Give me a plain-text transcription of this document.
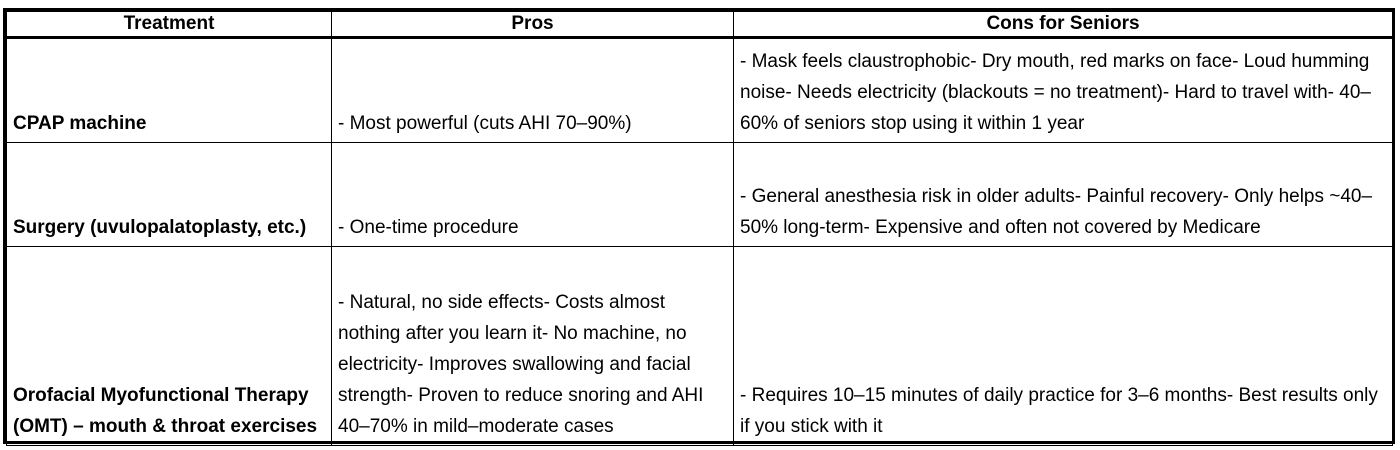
Treatment	Pros	Cons for Seniors
CPAP machine	- Most powerful (cuts AHI 70–90%)	- Mask feels claustrophobic- Dry mouth, red marks on face- Loud humming noise- Needs electricity (blackouts = no treatment)- Hard to travel with- 40–60% of seniors stop using it within 1 year
Surgery (uvulopalatoplasty, etc.)	- One-time procedure	- General anesthesia risk in older adults- Painful recovery- Only helps ~40–50% long-term- Expensive and often not covered by Medicare
Orofacial Myofunctional Therapy (OMT) – mouth & throat exercises	- Natural, no side effects- Costs almost nothing after you learn it- No machine, no electricity- Improves swallowing and facial strength- Proven to reduce snoring and AHI 40–70% in mild–moderate cases	- Requires 10–15 minutes of daily practice for 3–6 months- Best results only if you stick with it
